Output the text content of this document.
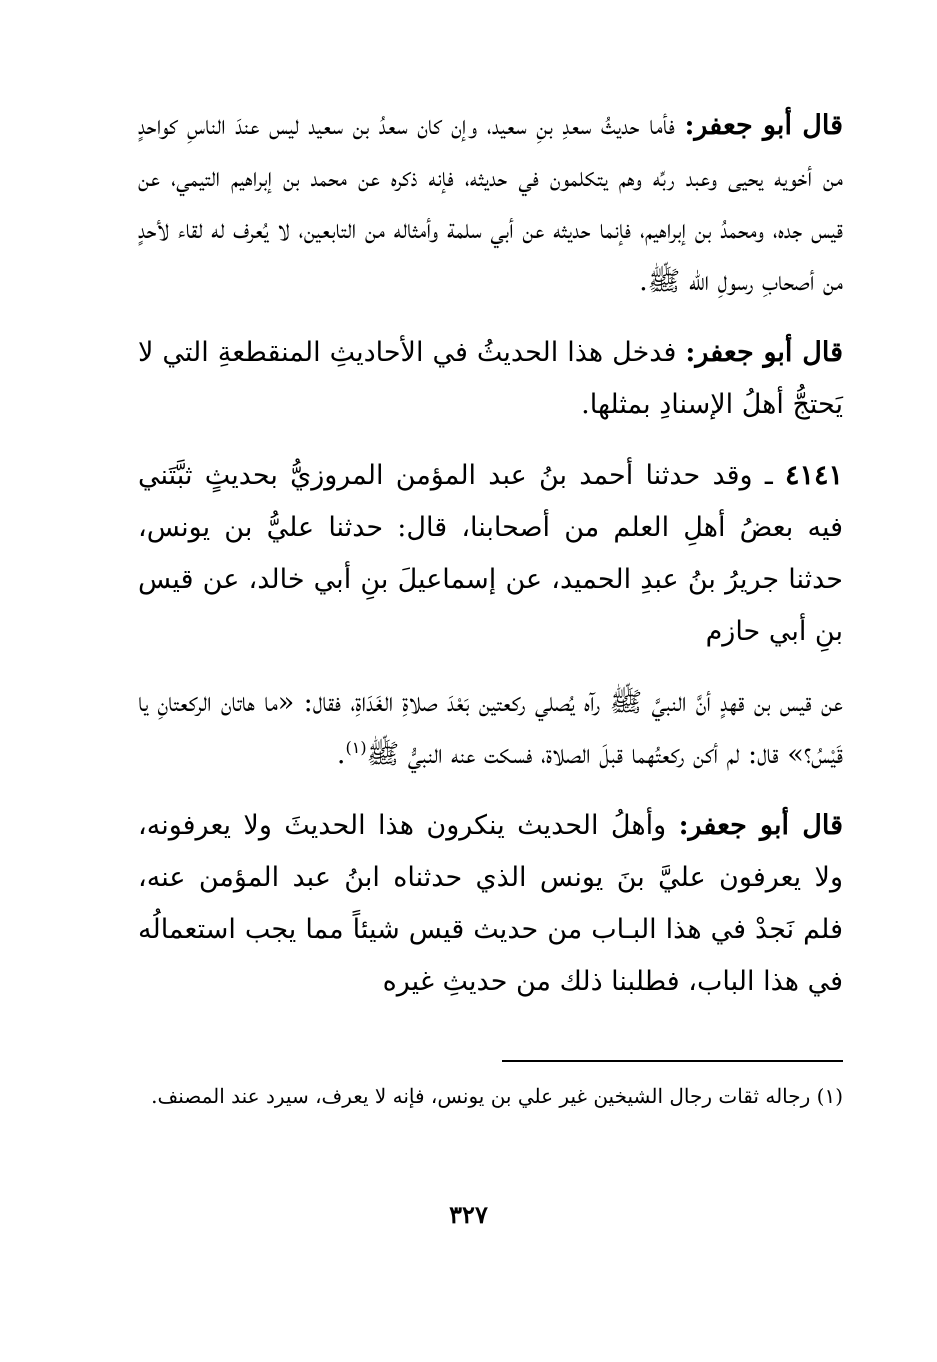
قال أبو جعفر: فأما حديثُ سعدِ بنِ سعيد، وإن كان سعدُ بن سعيد ليس عندَ الناسِ كواحدٍ من أخويه يحيى وعبد ربِّه وهم يتكلمون في حديثه، فإنه ذكره عن محمد بن إبراهيم التيمي، عن قيس جده، ومحمدُ بن إبراهيم، فإنما حديثه عن أبي سلمة وأمثاله من التابعين، لا يُعرف له لقاء لأحدٍ من أصحابِ رسولِ الله ﷺ.

قال أبو جعفر: فدخل هذا الحديثُ في الأحاديثِ المنقطعةِ التي لا يَحتجُّ أهلُ الإسنادِ بمثلها.

٤١٤١ ـ وقد حدثنا أحمد بنُ عبد المؤمن المروزيُّ بحديثٍ ثبَّتَني فيه بعضُ أهلِ العلم من أصحابنا، قال: حدثنا عليُّ بن يونس، حدثنا جريرُ بنُ عبدِ الحميد، عن إسماعيلَ بنِ أبي خالد، عن قيس بنِ أبي حازم

عن قيس بن قهدٍ أنَّ النبيَّ ﷺ رآه يُصلي ركعتين بَعْدَ صلاةِ الغَدَاةِ، فقال: «ما هاتان الركعتانِ يا قَيْسُ؟» قال: لم أكن ركعتُهما قبلَ الصلاة، فسكت عنه النبيُّ ﷺ$^{(١)}$.

قال أبو جعفر: وأهلُ الحديث ينكرون هذا الحديثَ ولا يعرفونه، ولا يعرفون عليَّ بنَ يونس الذي حدثناه ابنُ عبد المؤمن عنه، فلم نَجدْ في هذا البـاب من حديث قيس شيئاً مما يجب استعمالُه في هذا الباب، فطلبنا ذلك من حديثِ غيره

(١) رجاله ثقات رجال الشيخين غير علي بن يونس، فإنه لا يعرف، سيرد عند المصنف.
٣٢٧
